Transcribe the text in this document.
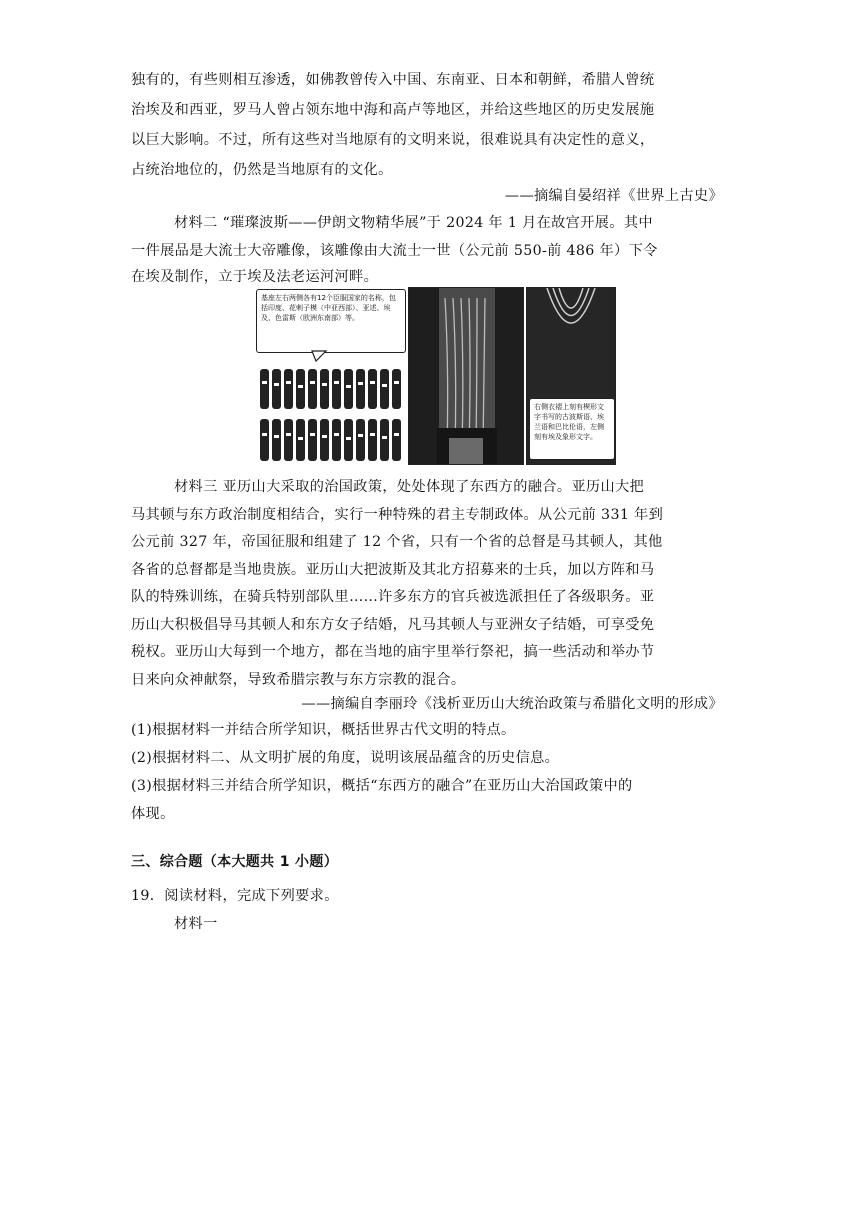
独有的，有些则相互渗透，如佛教曾传入中国、东南亚、日本和朝鲜，希腊人曾统
治埃及和西亚，罗马人曾占领东地中海和高卢等地区，并给这些地区的历史发展施
以巨大影响。不过，所有这些对当地原有的文明来说，很难说具有决定性的意义，
占统治地位的，仍然是当地原有的文化。
——摘编自晏绍祥《世界上古史》
材料二 “璀璨波斯——伊朗文物精华展”于 2024 年 1 月在故宫开展。其中
一件展品是大流士大帝雕像，该雕像由大流士一世（公元前 550-前 486 年）下令
在埃及制作，立于埃及法老运河河畔。
基座左右两侧各有12个臣服国家的名称，包括印度、花剌子模（中亚西部）、亚述、埃及、色雷斯（欧洲东南部）等。
右侧衣褶上刻有楔形文字书写的古波斯语、埃兰语和巴比伦语，左侧刻有埃及象形文字。
材料三 亚历山大采取的治国政策，处处体现了东西方的融合。亚历山大把
马其顿与东方政治制度相结合，实行一种特殊的君主专制政体。从公元前 331 年到
公元前 327 年，帝国征服和组建了 12 个省，只有一个省的总督是马其顿人，其他
各省的总督都是当地贵族。亚历山大把波斯及其北方招募来的士兵，加以方阵和马
队的特殊训练，在骑兵特别部队里……许多东方的官兵被选派担任了各级职务。亚
历山大积极倡导马其顿人和东方女子结婚，凡马其顿人与亚洲女子结婚，可享受免
税权。亚历山大每到一个地方，都在当地的庙宇里举行祭祀，搞一些活动和举办节
日来向众神献祭，导致希腊宗教与东方宗教的混合。
——摘编自李丽玲《浅析亚历山大统治政策与希腊化文明的形成》
(1)根据材料一并结合所学知识，概括世界古代文明的特点。
(2)根据材料二、从文明扩展的角度，说明该展品蕴含的历史信息。
(3)根据材料三并结合所学知识，概括“东西方的融合”在亚历山大治国政策中的
体现。
三、综合题（本大题共 1 小题）
19．阅读材料，完成下列要求。
材料一
